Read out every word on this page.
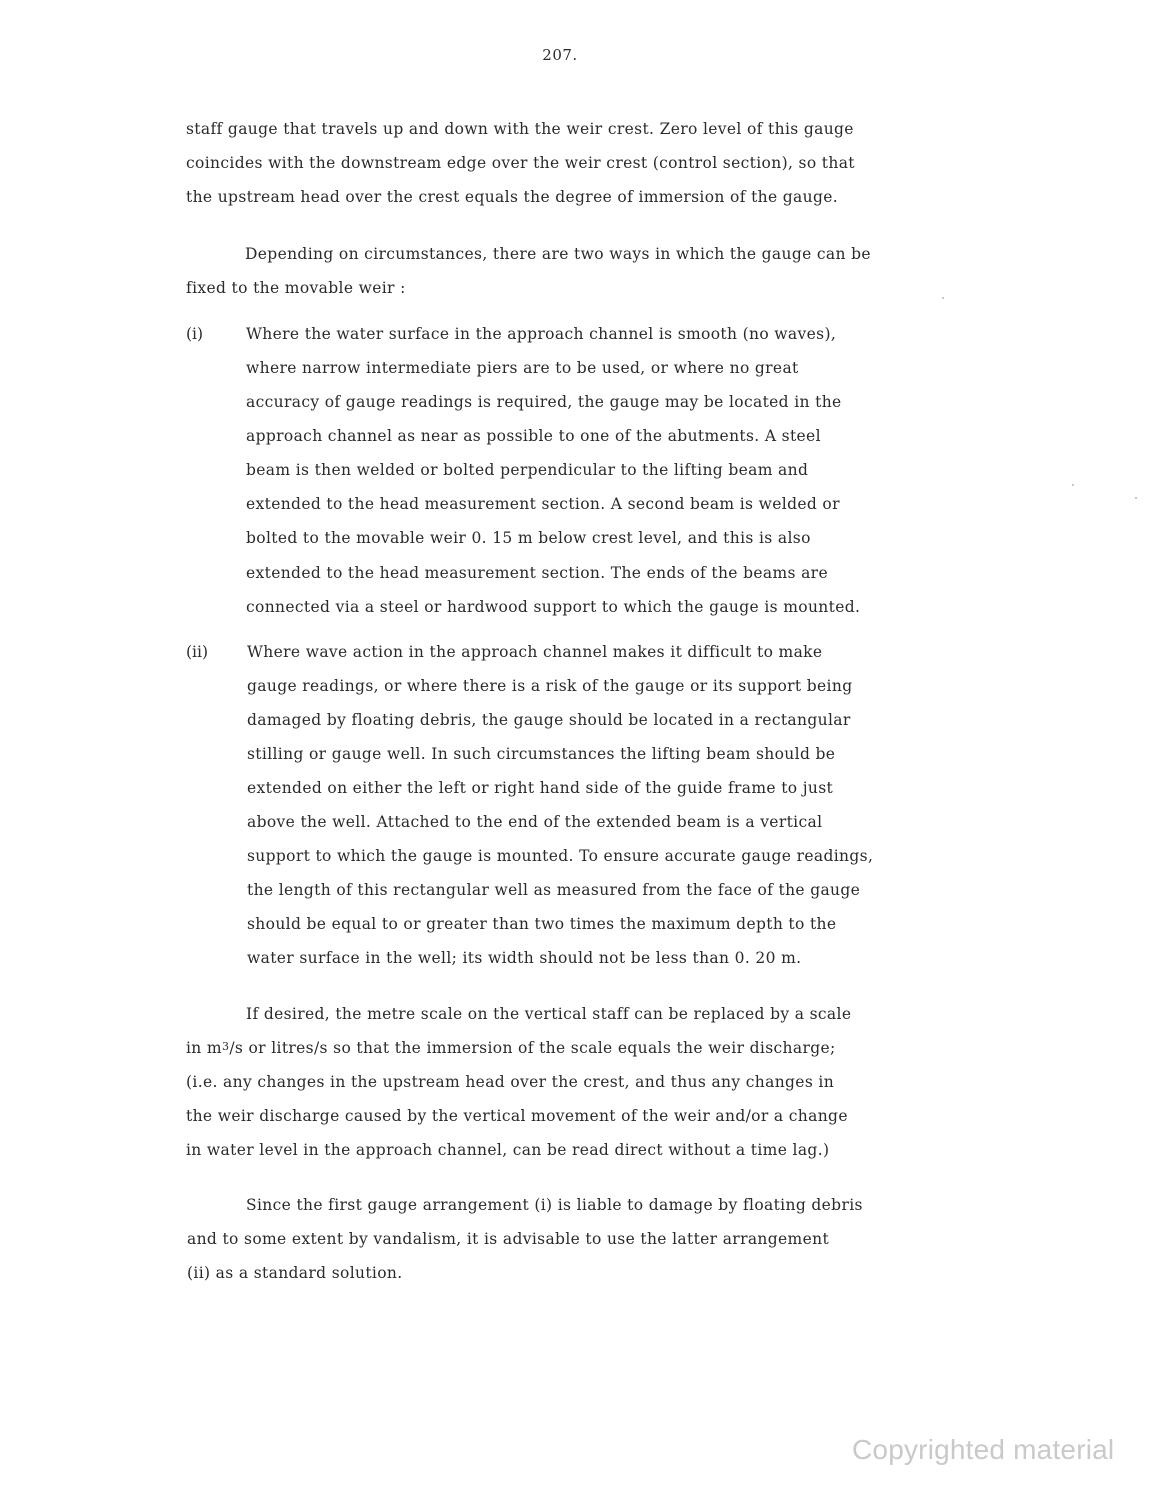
207.
staff gauge that travels up and down with the weir crest. Zero level of this gauge
coincides with the downstream edge over the weir crest (control section), so that
the upstream head over the crest equals the degree of immersion of the gauge.
Depending on circumstances, there are two ways in which the gauge can be
fixed to the movable weir :
(i)	Where the water surface in the approach channel is smooth (no waves),
where narrow intermediate piers are to be used, or where no great
accuracy of gauge readings is required, the gauge may be located in the
approach channel as near as possible to one of the abutments. A steel
beam is then welded or bolted perpendicular to the lifting beam and
extended to the head measurement section. A second beam is welded or
bolted to the movable weir 0. 15 m below crest level, and this is also
extended to the head measurement section. The ends of the beams are
connected via a steel or hardwood support to which the gauge is mounted.
(ii)	Where wave action in the approach channel makes it difficult to make
gauge readings, or where there is a risk of the gauge or its support being
damaged by floating debris, the gauge should be located in a rectangular
stilling or gauge well. In such circumstances the lifting beam should be
extended on either the left or right hand side of the guide frame to just
above the well. Attached to the end of the extended beam is a vertical
support to which the gauge is mounted. To ensure accurate gauge readings,
the length of this rectangular well as measured from the face of the gauge
should be equal to or greater than two times the maximum depth to the
water surface in the well; its width should not be less than 0. 20 m.
If desired, the metre scale on the vertical staff can be replaced by a scale
in $m^3/s$ or litres/s so that the immersion of the scale equals the weir discharge;
(i.e. any changes in the upstream head over the crest, and thus any changes in
the weir discharge caused by the vertical movement of the weir and/or a change
in water level in the approach channel, can be read direct without a time lag.)
Since the first gauge arrangement (i) is liable to damage by floating debris
and to some extent by vandalism, it is advisable to use the latter arrangement
(ii) as a standard solution.
Copyrighted material
